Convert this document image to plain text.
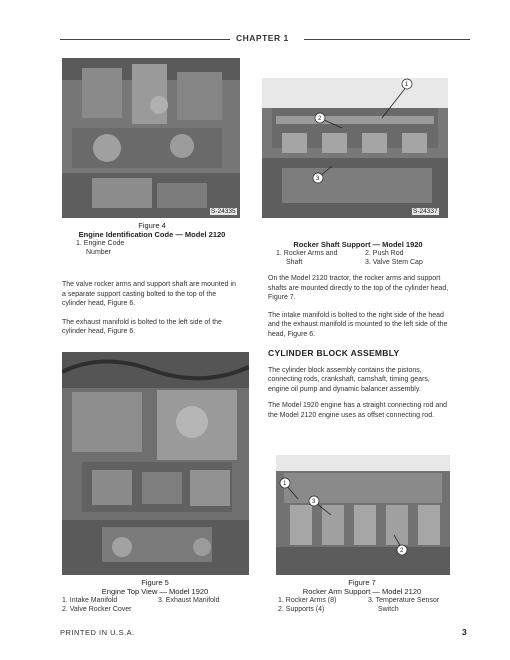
CHAPTER 1
S-24335
1
2
3
S-24337
Figure 4
Engine Identification Code — Model 2120
1. Engine Code
Number
Rocker Shaft Support — Model 1920
1. Rocker Arms and	2. Push Rod
Shaft	3. Valve Stem Cap

The valve rocker arms and support shaft are mounted in a separate support casting bolted to the top of the cylinder head, Figure 6.

The exhaust manifold is bolted to the left side of the cylinder head, Figure 6.

On the Model 2120 tractor, the rocker arms and support shafts are mounted directly to the top of the cylinder head, Figure 7.

The intake manifold is bolted to the right side of the head and the exhaust manifold is mounted to the left side of the head, Figure 6.

CYLINDER BLOCK ASSEMBLY

The cylinder block assembly contains the pistons, connecting rods, crankshaft, camshaft, timing gears, engine oil pump and dynamic balancer assembly.

The Model 1920 engine has a straight connecting rod and the Model 2120 engine uses as offset connecting rod.

1
2
3
Figure 5
Engine Top View — Model 1920
1. Intake Manifold	3. Exhaust Manifold
2. Valve Rocker Cover
Figure 7
Rocker Arm Support — Model 2120
1. Rocker Arms (8)	3. Temperature Sensor
2. Supports (4)	Switch
PRINTED IN U.S.A.	3
